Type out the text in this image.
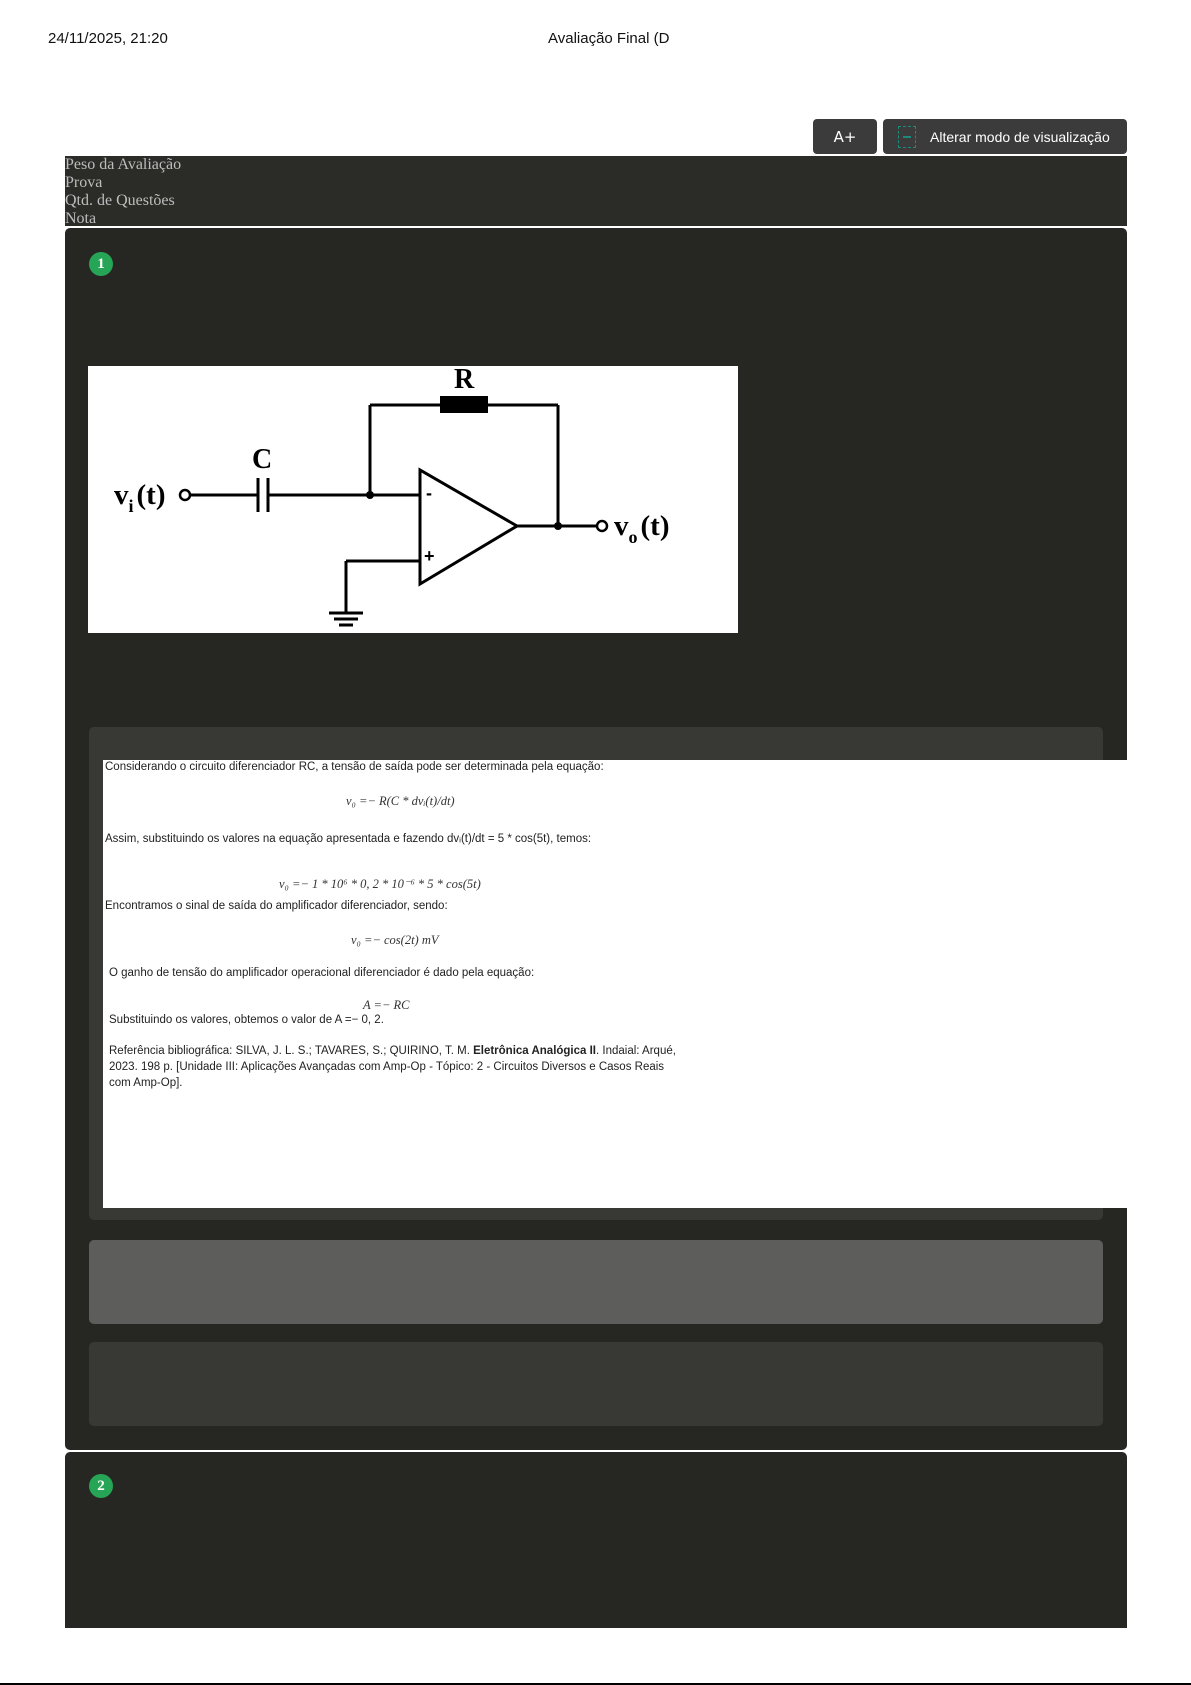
24/11/2025, 21:20	Avaliação Final (D
A+	Alterar modo de visualização
Peso da Avaliação
Prova
Qtd. de Questões
Nota
1
R
C
-
+
$v_i$ (t)
$v_o$ (t)

Considerando o circuito diferenciador RC, a tensão de saída pode ser determinada pela equação:

v₀ =− R(C * dvᵢ(t)/dt)

Assim, substituindo os valores na equação apresentada e fazendo dvᵢ(t)/dt = 5 * cos(5t), temos:

v₀ =− 1 * 10⁶ * 0, 2 * 10⁻⁶ * 5 * cos(5t)

Encontramos o sinal de saída do amplificador diferenciador, sendo:

v₀ =− cos(2t) mV

O ganho de tensão do amplificador operacional diferenciador é dado pela equação:

A =− RC

Substituindo os valores, obtemos o valor de A =− 0, 2.

Referência bibliográfica: SILVA, J. L. S.; TAVARES, S.; QUIRINO, T. M. Eletrônica Analógica II. Indaial: Arqué,

2023. 198 p. [Unidade III: Aplicações Avançadas com Amp-Op - Tópico: 2 - Circuitos Diversos e Casos Reais

com Amp-Op].

2
